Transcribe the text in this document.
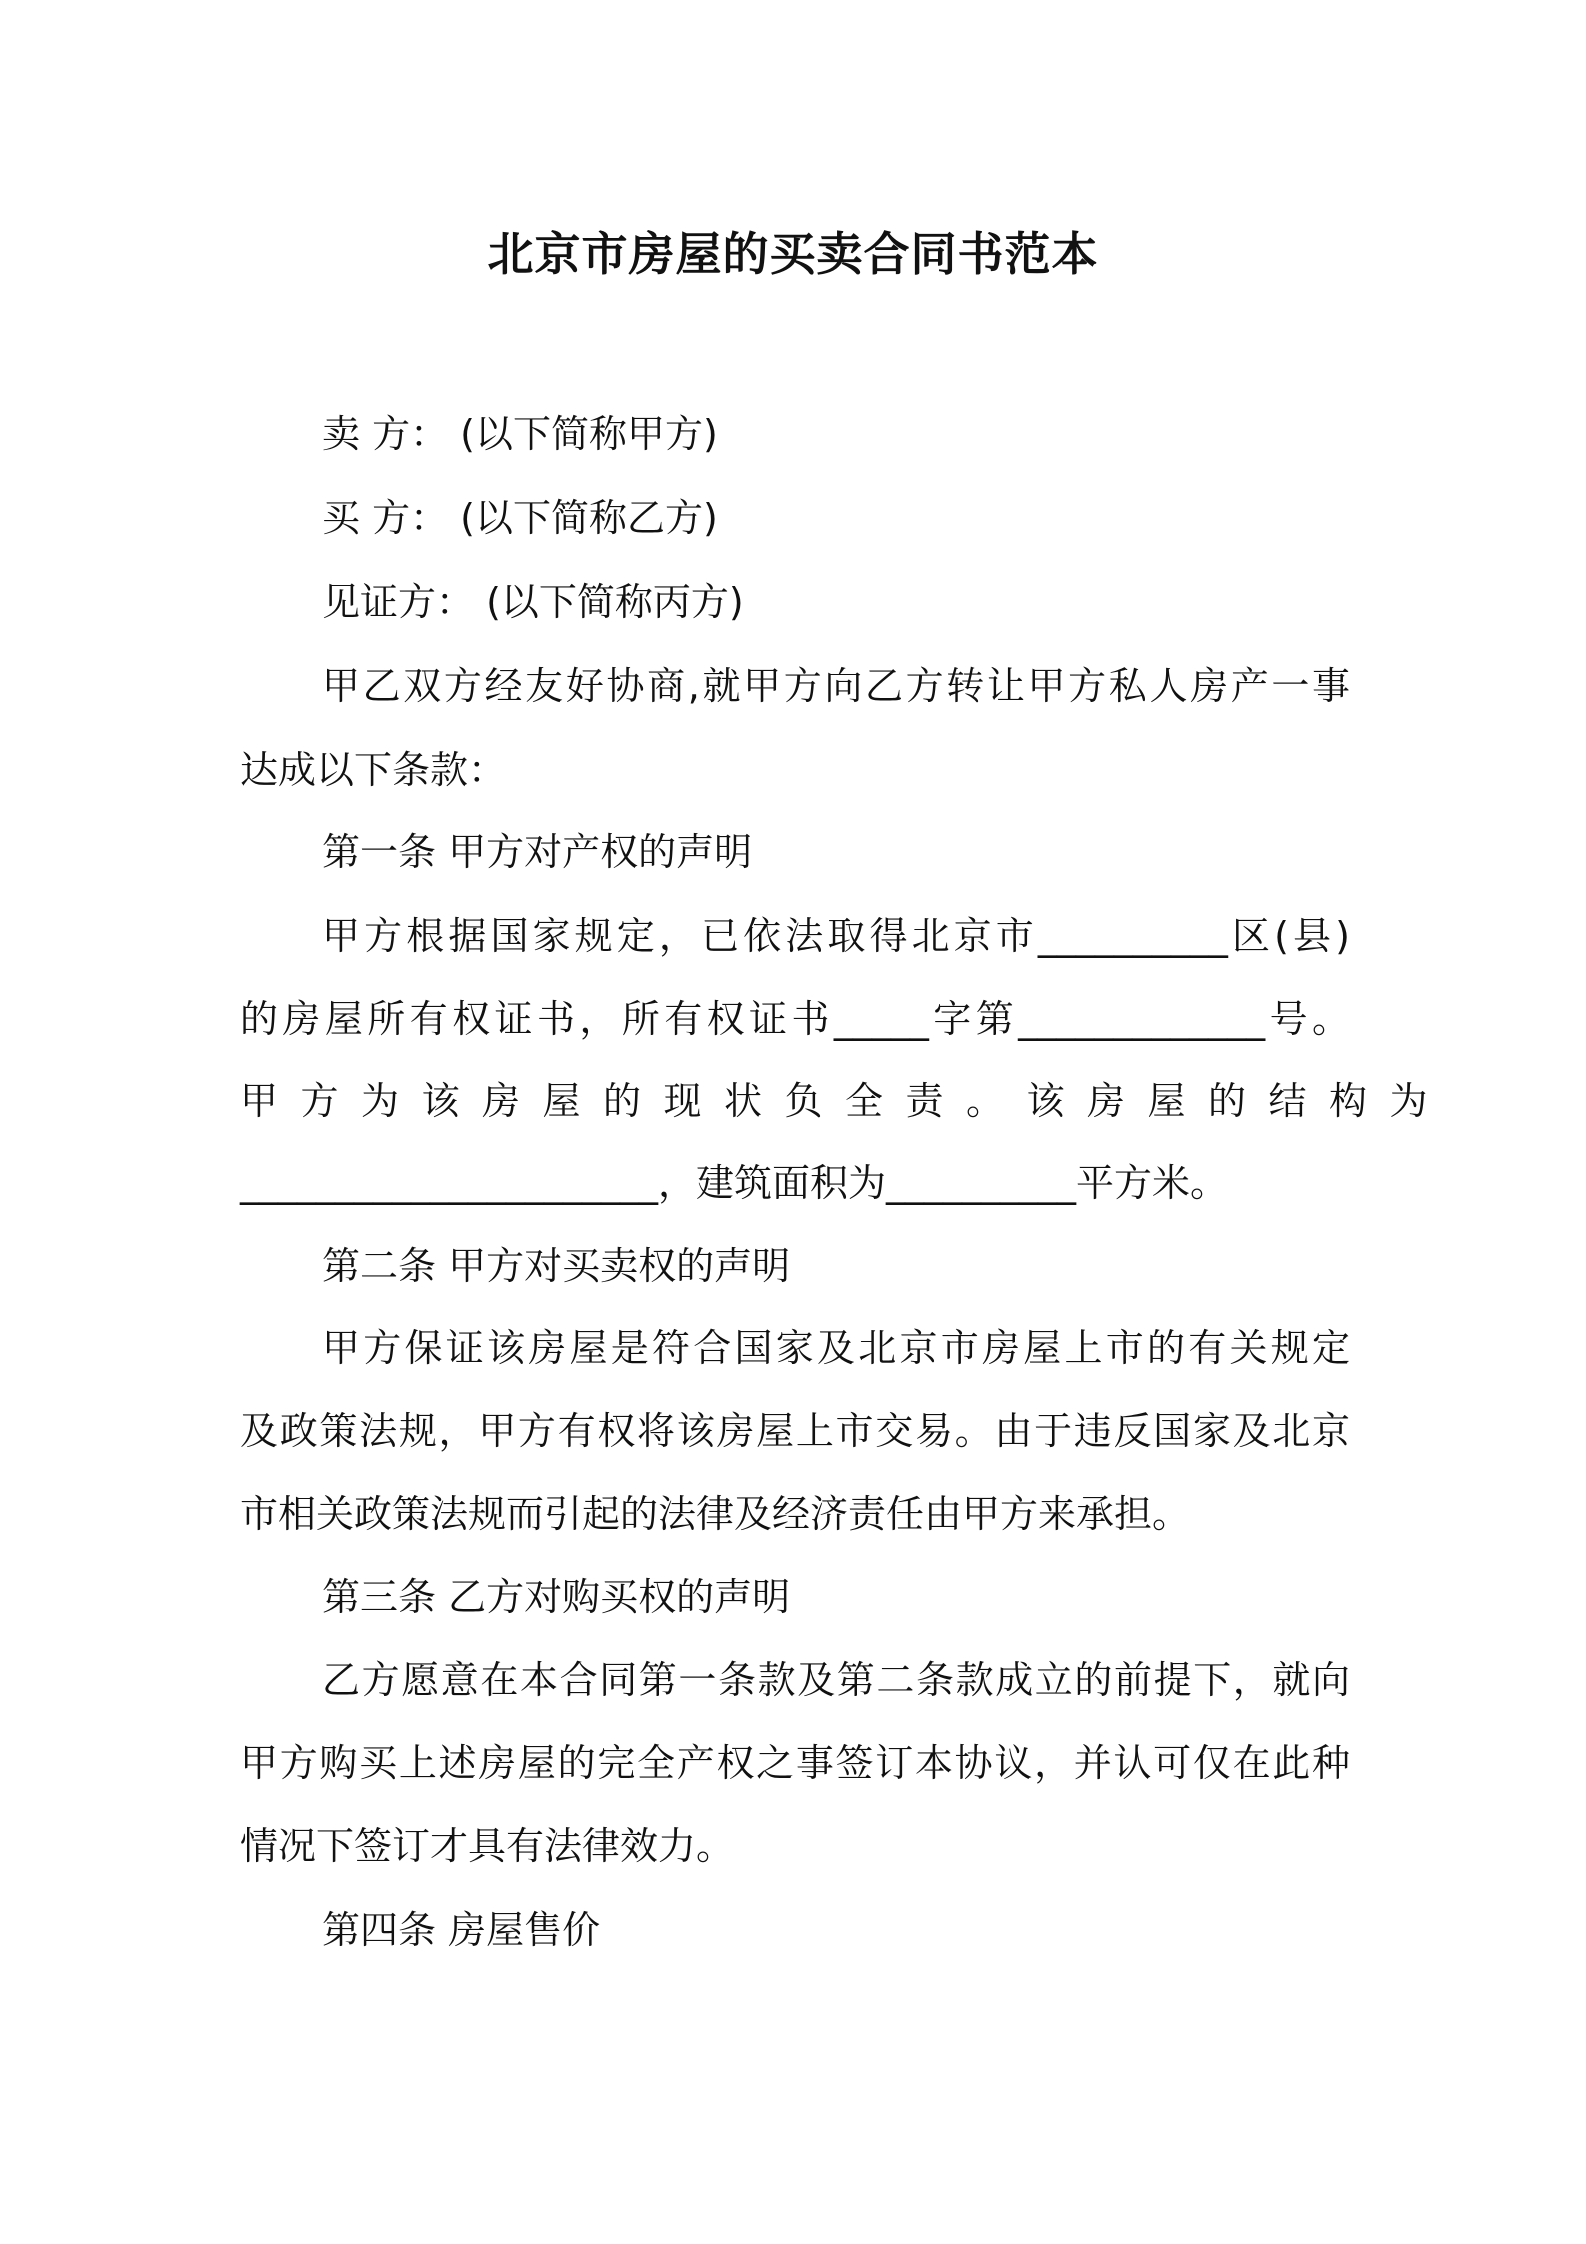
北京市房屋的买卖合同书范本
卖 方： (以下简称甲方)
买 方： (以下简称乙方)
见证方： (以下简称丙方)
甲乙双方经友好协商,就甲方向乙方转让甲方私人房产一事
达成以下条款：
第一条 甲方对产权的声明
甲方根据国家规定，已依法取得北京市__________区(县)
的房屋所有权证书，所有权证书_____字第_____________号。
甲方为该房屋的现状负全责。该房屋的结构为
______________________，建筑面积为__________平方米。
第二条 甲方对买卖权的声明
甲方保证该房屋是符合国家及北京市房屋上市的有关规定
及政策法规，甲方有权将该房屋上市交易。由于违反国家及北京
市相关政策法规而引起的法律及经济责任由甲方来承担。
第三条 乙方对购买权的声明
乙方愿意在本合同第一条款及第二条款成立的前提下，就向
甲方购买上述房屋的完全产权之事签订本协议，并认可仅在此种
情况下签订才具有法律效力。
第四条 房屋售价
